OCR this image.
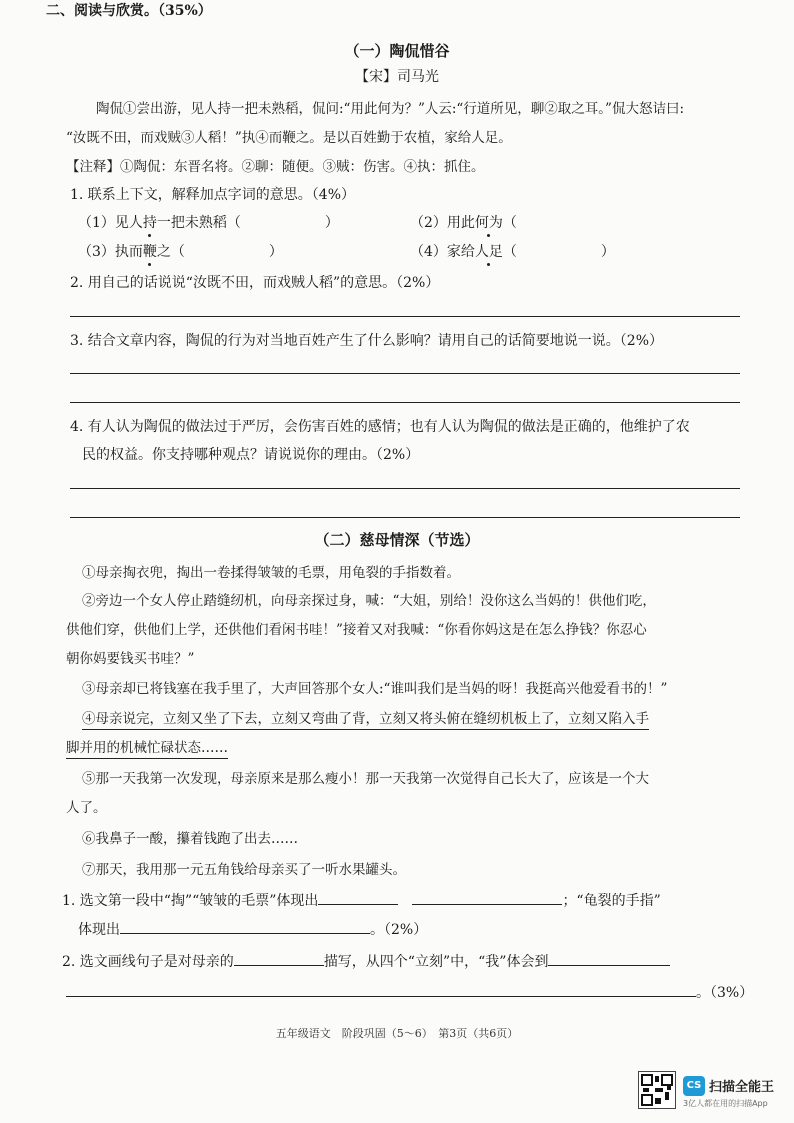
二、阅读与欣赏。（35%）
（一）陶侃惜谷
【宋】司马光
陶侃①尝出游，见人持一把未熟稻，侃问:“用此何为？”人云:“行道所见，聊②取之耳。”侃大怒诘曰:
“汝既不田，而戏贼③人稻！”执④而鞭之。是以百姓勤于农植，家给人足。
【注释】①陶侃：东晋名将。②聊：随便。③贼：伤害。④执：抓住。
1. 联系上下文，解释加点字词的意思。（4%）
（1）见人持一把未熟稻（　　　　　　）	（2）用此何为（
（3）执而鞭之（　　　　　　）	（4）家给人足（　　　　　　）
2. 用自己的话说说“汝既不田，而戏贼人稻”的意思。（2%）
3. 结合文章内容，陶侃的行为对当地百姓产生了什么影响？请用自己的话简要地说一说。（2%）
4. 有人认为陶侃的做法过于严厉，会伤害百姓的感情；也有人认为陶侃的做法是正确的，他维护了农
民的权益。你支持哪种观点？请说说你的理由。（2%）
（二）慈母情深（节选）
①母亲掏衣兜，掏出一卷揉得皱皱的毛票，用龟裂的手指数着。
②旁边一个女人停止踏缝纫机，向母亲探过身，喊：“大姐，别给！没你这么当妈的！供他们吃，
供他们穿，供他们上学，还供他们看闲书哇！”接着又对我喊：“你看你妈这是在怎么挣钱？你忍心
朝你妈要钱买书哇？”
③母亲却已将钱塞在我手里了，大声回答那个女人:“谁叫我们是当妈的呀！我挺高兴他爱看书的！”
④母亲说完，立刻又坐了下去，立刻又弯曲了背，立刻又将头俯在缝纫机板上了，立刻又陷入手
脚并用的机械忙碌状态……
⑤那一天我第一次发现，母亲原来是那么瘦小！那一天我第一次觉得自己长大了，应该是一个大
人了。
⑥我鼻子一酸，攥着钱跑了出去……
⑦那天，我用那一元五角钱给母亲买了一听水果罐头。
1. 选文第一段中“掏”“皱皱的毛票”体现出	；“龟裂的手指”
体现出	。（2%）
2. 选文画线句子是对母亲的	描写，从四个“立刻”中，“我”体会到
。（3%）
五年级语文　阶段巩固（5～6）　第3页（共6页）
CS 扫描全能王
3亿人都在用的扫描App
